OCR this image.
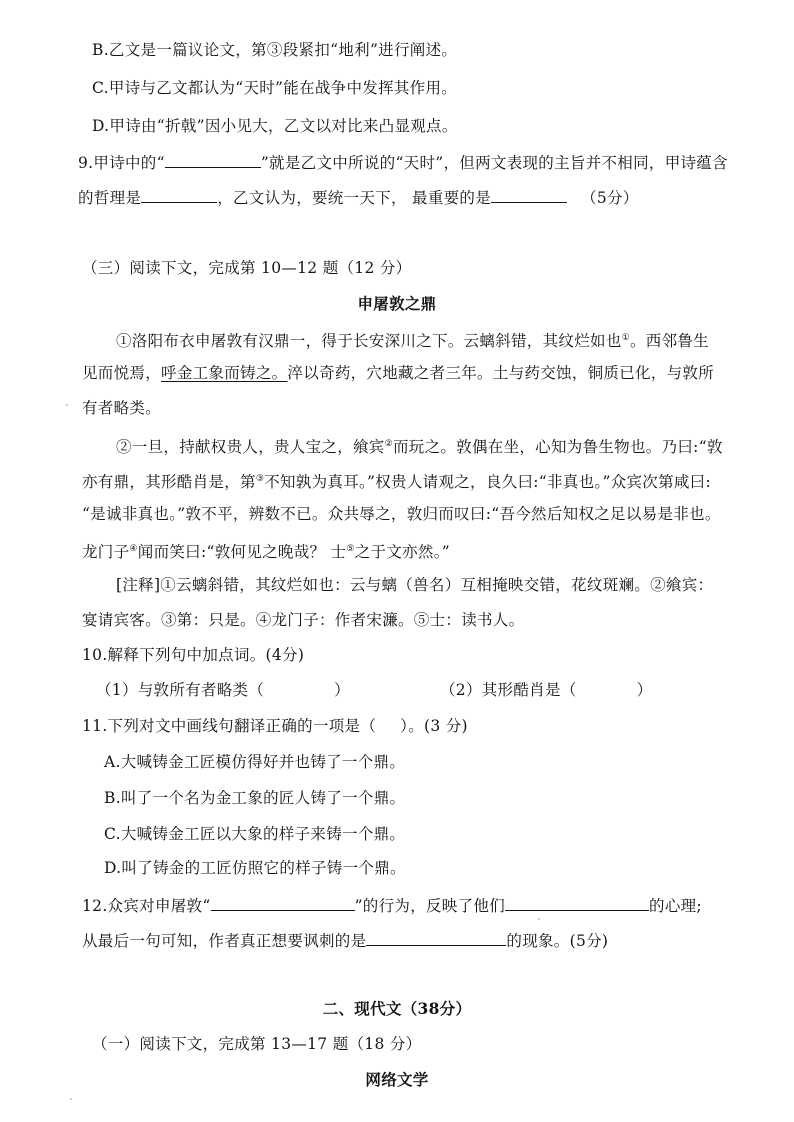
B.乙文是一篇议论文，第③段紧扣“地利”进行阐述。
C.甲诗与乙文都认为“天时”能在战争中发挥其作用。
D.甲诗由“折戟”因小见大，乙文以对比来凸显观点。
9.甲诗中的“	”就是乙文中所说的“天时”，但两文表现的主旨并不相同，甲诗蕴含
的哲理是	，乙文认为，要统一天下， 最重要的是	（5分）
（三）阅读下文，完成第 10—12 题（12 分）
申屠敦之鼎
①洛阳布衣申屠敦有汉鼎一，得于长安深川之下。云螭斜错，其纹烂如也①。西邻鲁生
见而悦焉，呼金工象而铸之。淬以奇药，穴地藏之者三年。土与药交蚀，铜质已化，与敦所
有者略类。
②一旦，持献权贵人，贵人宝之，飨宾②而玩之。敦偶在坐，心知为鲁生物也。乃曰:“敦
亦有鼎，其形酷肖是，第③不知孰为真耳。”权贵人请观之，良久曰:“非真也。”众宾次第咸曰:
“是诚非真也。”敦不平，辨数不已。众共辱之，敦归而叹曰:“吾今然后知权之足以易是非也。
龙门子④闻而笑曰:“敦何见之晚哉？ 士⑤之于文亦然。”
[注释]①云螭斜错，其纹烂如也：云与螭（兽名）互相掩映交错，花纹斑斓。②飨宾：
宴请宾客。③第：只是。④龙门子：作者宋濂。⑤士：读书人。
10.解释下列句中加点词。(4分)
（1）与敦所有者略类（	）	（2）其形酷肖是（	）
11.下列对文中画线句翻译正确的一项是（ ）。(3 分)
A.大喊铸金工匠模仿得好并也铸了一个鼎。
B.叫了一个名为金工象的匠人铸了一个鼎。
C.大喊铸金工匠以大象的样子来铸一个鼎。
D.叫了铸金的工匠仿照它的样子铸一个鼎。
12.众宾对申屠敦“	”的行为，反映了他们	的心理;
从最后一句可知，作者真正想要讽刺的是	的现象。(5分)
二、现代文（38分）
（一）阅读下文，完成第 13—17 题（18 分）
网络文学
